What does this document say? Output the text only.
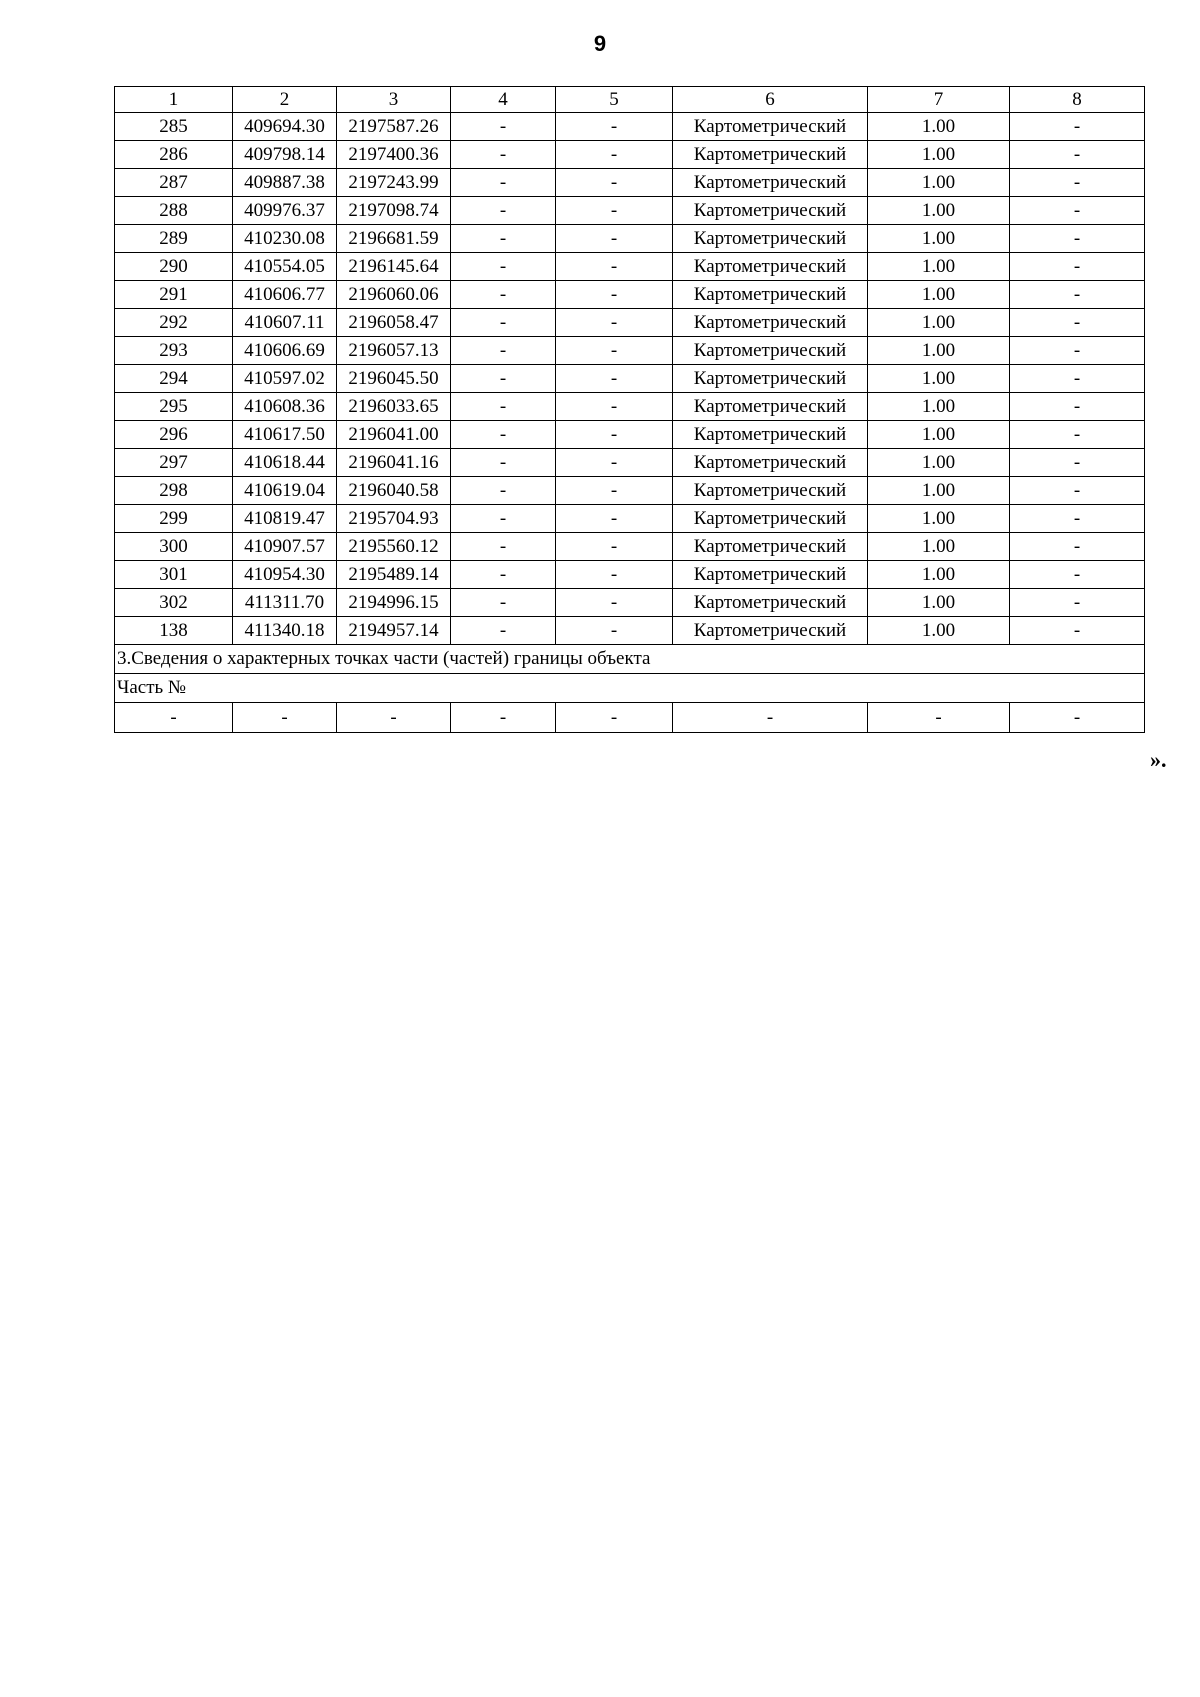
9
1	2	3	4	5	6	7	8
285	409694.30	2197587.26	-	-	Картометрический	1.00	-
286	409798.14	2197400.36	-	-	Картометрический	1.00	-
287	409887.38	2197243.99	-	-	Картометрический	1.00	-
288	409976.37	2197098.74	-	-	Картометрический	1.00	-
289	410230.08	2196681.59	-	-	Картометрический	1.00	-
290	410554.05	2196145.64	-	-	Картометрический	1.00	-
291	410606.77	2196060.06	-	-	Картометрический	1.00	-
292	410607.11	2196058.47	-	-	Картометрический	1.00	-
293	410606.69	2196057.13	-	-	Картометрический	1.00	-
294	410597.02	2196045.50	-	-	Картометрический	1.00	-
295	410608.36	2196033.65	-	-	Картометрический	1.00	-
296	410617.50	2196041.00	-	-	Картометрический	1.00	-
297	410618.44	2196041.16	-	-	Картометрический	1.00	-
298	410619.04	2196040.58	-	-	Картометрический	1.00	-
299	410819.47	2195704.93	-	-	Картометрический	1.00	-
300	410907.57	2195560.12	-	-	Картометрический	1.00	-
301	410954.30	2195489.14	-	-	Картометрический	1.00	-
302	411311.70	2194996.15	-	-	Картометрический	1.00	-
138	411340.18	2194957.14	-	-	Картометрический	1.00	-
3.Сведения о характерных точках части (частей) границы объекта							
Часть №							
-	-	-	-	-	-	-	-
».
